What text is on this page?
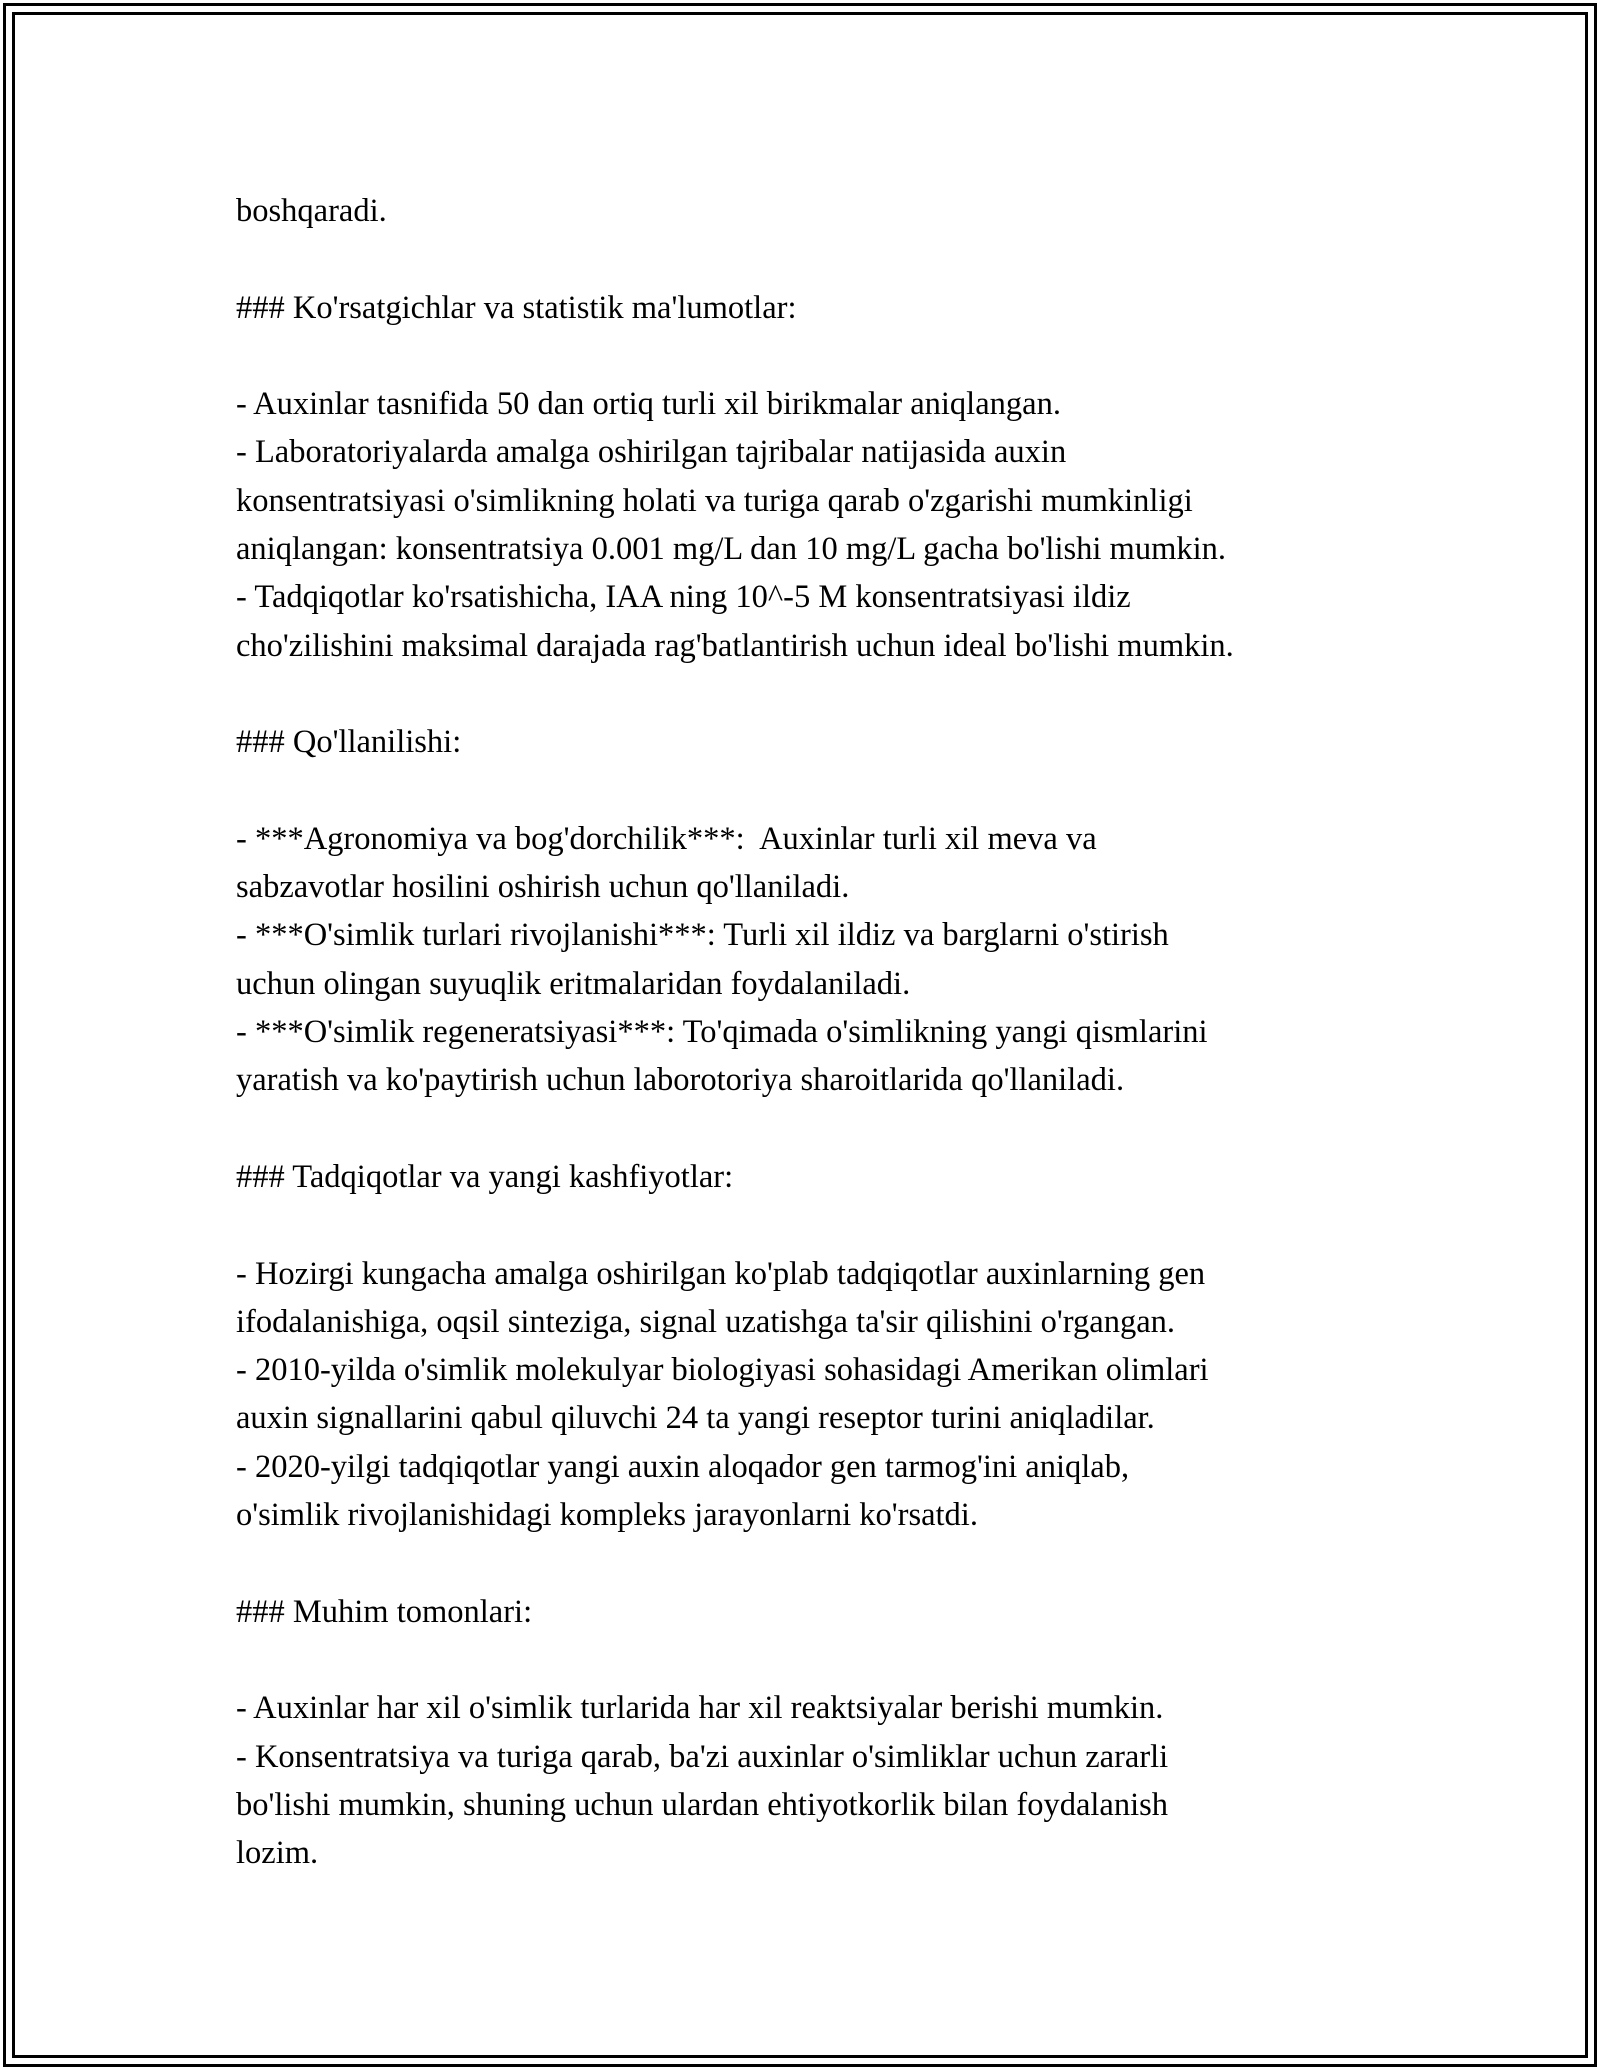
boshqaradi.
### Ko'rsatgichlar va statistik ma'lumotlar:
- Auxinlar tasnifida 50 dan ortiq turli xil birikmalar aniqlangan.
- Laboratoriyalarda amalga oshirilgan tajribalar natijasida auxin
konsentratsiyasi o'simlikning holati va turiga qarab o'zgarishi mumkinligi
aniqlangan: konsentratsiya 0.001 mg/L dan 10 mg/L gacha bo'lishi mumkin.
- Tadqiqotlar ko'rsatishicha, IAA ning 10^-5 M konsentratsiyasi ildiz
cho'zilishini maksimal darajada rag'batlantirish uchun ideal bo'lishi mumkin.
### Qo'llanilishi:
- ***Agronomiya va bog'dorchilik***:  Auxinlar turli xil meva va
sabzavotlar hosilini oshirish uchun qo'llaniladi.
- ***O'simlik turlari rivojlanishi***: Turli xil ildiz va barglarni o'stirish
uchun olingan suyuqlik eritmalaridan foydalaniladi.
- ***O'simlik regeneratsiyasi***: To'qimada o'simlikning yangi qismlarini
yaratish va ko'paytirish uchun laborotoriya sharoitlarida qo'llaniladi.
### Tadqiqotlar va yangi kashfiyotlar:
- Hozirgi kungacha amalga oshirilgan ko'plab tadqiqotlar auxinlarning gen
ifodalanishiga, oqsil sinteziga, signal uzatishga ta'sir qilishini o'rgangan.
- 2010-yilda o'simlik molekulyar biologiyasi sohasidagi Amerikan olimlari
auxin signallarini qabul qiluvchi 24 ta yangi reseptor turini aniqladilar.
- 2020-yilgi tadqiqotlar yangi auxin aloqador gen tarmog'ini aniqlab,
o'simlik rivojlanishidagi kompleks jarayonlarni ko'rsatdi.
### Muhim tomonlari:
- Auxinlar har xil o'simlik turlarida har xil reaktsiyalar berishi mumkin.
- Konsentratsiya va turiga qarab, ba'zi auxinlar o'simliklar uchun zararli
bo'lishi mumkin, shuning uchun ulardan ehtiyotkorlik bilan foydalanish
lozim.
